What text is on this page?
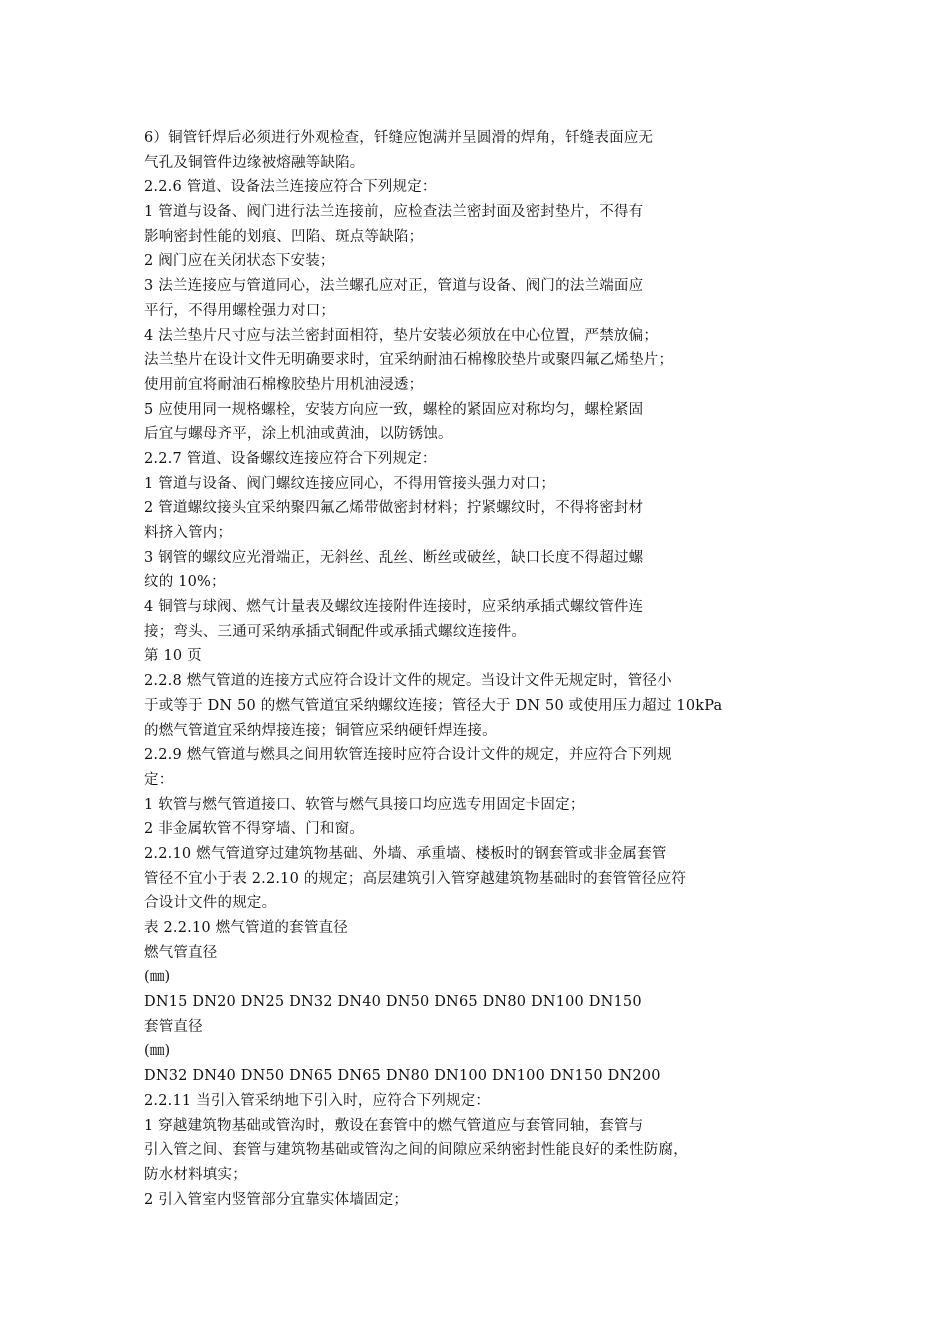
6）铜管钎焊后必须进行外观检查，钎缝应饱满并呈圆滑的焊角，钎缝表面应无
气孔及铜管件边缘被熔融等缺陷。
2.2.6 管道、设备法兰连接应符合下列规定：
1 管道与设备、阀门进行法兰连接前，应检查法兰密封面及密封垫片，不得有
影响密封性能的划痕、凹陷、斑点等缺陷；
2 阀门应在关闭状态下安装；
3 法兰连接应与管道同心，法兰螺孔应对正，管道与设备、阀门的法兰端面应
平行，不得用螺栓强力对口；
4 法兰垫片尺寸应与法兰密封面相符，垫片安装必须放在中心位置，严禁放偏；
法兰垫片在设计文件无明确要求时，宜采纳耐油石棉橡胶垫片或聚四氟乙烯垫片；
使用前宜将耐油石棉橡胶垫片用机油浸透；
5 应使用同一规格螺栓，安装方向应一致，螺栓的紧固应对称均匀，螺栓紧固
后宜与螺母齐平，涂上机油或黄油，以防锈蚀。
2.2.7 管道、设备螺纹连接应符合下列规定：
1 管道与设备、阀门螺纹连接应同心，不得用管接头强力对口；
2 管道螺纹接头宜采纳聚四氟乙烯带做密封材料；拧紧螺纹时，不得将密封材
料挤入管内；
3 钢管的螺纹应光滑端正，无斜丝、乱丝、断丝或破丝，缺口长度不得超过螺
纹的 10%；
4 铜管与球阀、燃气计量表及螺纹连接附件连接时，应采纳承插式螺纹管件连
接；弯头、三通可采纳承插式铜配件或承插式螺纹连接件。
第 10 页
2.2.8 燃气管道的连接方式应符合设计文件的规定。当设计文件无规定时，管径小
于或等于 DN 50 的燃气管道宜采纳螺纹连接；管径大于 DN 50 或使用压力超过 10kPa
的燃气管道宜采纳焊接连接；铜管应采纳硬钎焊连接。
2.2.9 燃气管道与燃具之间用软管连接时应符合设计文件的规定，并应符合下列规
定：
1 软管与燃气管道接口、软管与燃气具接口均应选专用固定卡固定；
2 非金属软管不得穿墙、门和窗。
2.2.10 燃气管道穿过建筑物基础、外墙、承重墙、楼板时的钢套管或非金属套管
管径不宜小于表 2.2.10 的规定；高层建筑引入管穿越建筑物基础时的套管管径应符
合设计文件的规定。
表 2.2.10 燃气管道的套管直径
燃气管直径
(㎜)
DN15 DN20 DN25 DN32 DN40 DN50 DN65 DN80 DN100 DN150
套管直径
(㎜)
DN32 DN40 DN50 DN65 DN65 DN80 DN100 DN100 DN150 DN200
2.2.11 当引入管采纳地下引入时，应符合下列规定：
1 穿越建筑物基础或管沟时，敷设在套管中的燃气管道应与套管同轴，套管与
引入管之间、套管与建筑物基础或管沟之间的间隙应采纳密封性能良好的柔性防腐，
防水材料填实；
2 引入管室内竖管部分宜靠实体墙固定；
